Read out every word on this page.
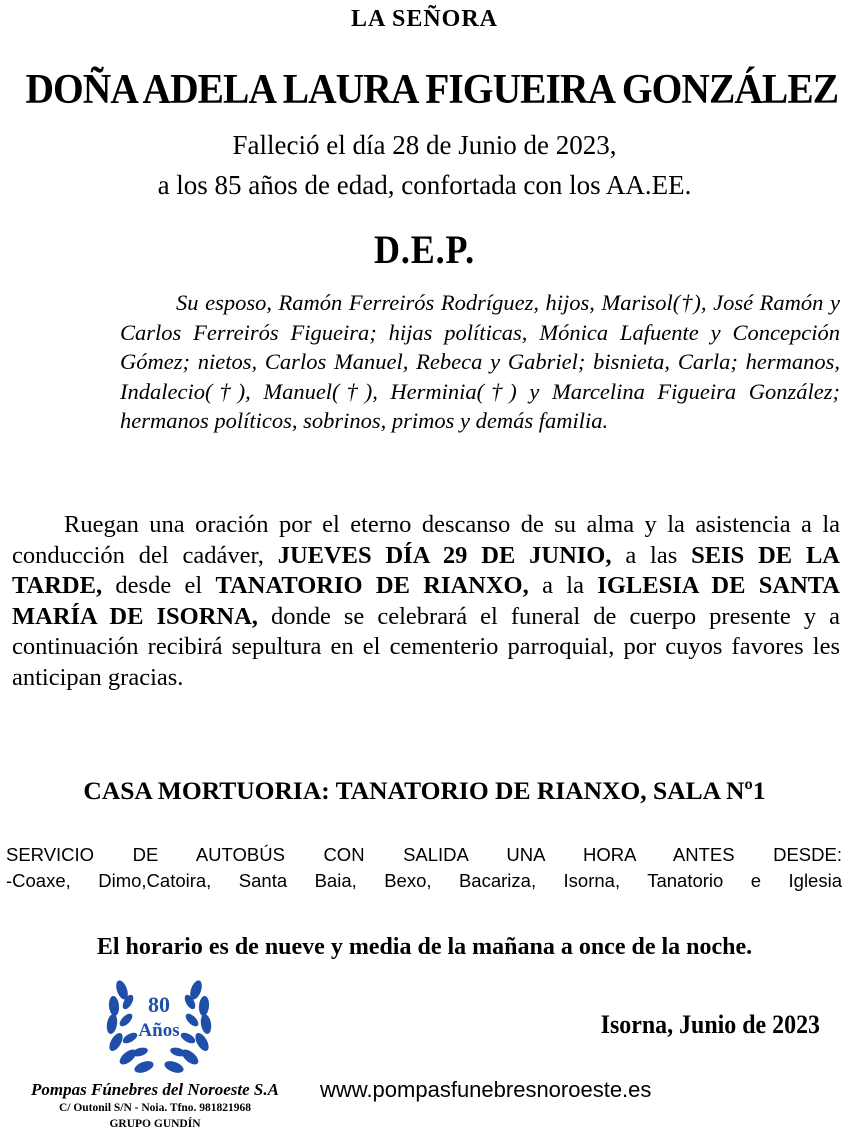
LA SEÑORA
DOÑA ADELA LAURA FIGUEIRA GONZÁLEZ
Falleció el día 28 de Junio de 2023,
a los 85 años de edad, confortada con los AA.EE.
D.E.P.
Su esposo, Ramón Ferreirós Rodríguez, hijos, Marisol(†), José Ramón y Carlos Ferreirós Figueira; hijas políticas, Mónica Lafuente y Concepción Gómez; nietos, Carlos Manuel, Rebeca y Gabriel; bisnieta, Carla; hermanos, Indalecio(†), Manuel(†), Herminia(†) y Marcelina Figueira González; hermanos políticos, sobrinos, primos y demás familia.
Ruegan una oración por el eterno descanso de su alma y la asistencia a la conducción del cadáver, JUEVES DÍA 29 DE JUNIO, a las SEIS DE LA TARDE, desde el TANATORIO DE RIANXO, a la IGLESIA DE SANTA MARÍA DE ISORNA, donde se celebrará el funeral de cuerpo presente y a continuación recibirá sepultura en el cementerio parroquial, por cuyos favores les anticipan gracias.
CASA MORTUORIA: TANATORIO DE RIANXO, SALA Nº1
SERVICIO DE AUTOBÚS CON SALIDA UNA HORA ANTES DESDE:
-Coaxe, Dimo,Catoira, Santa Baia, Bexo, Bacariza, Isorna, Tanatorio e Iglesia
El horario es de nueve y media de la mañana a once de la noche.
80
Años	Isorna, Junio de 2023
Pompas Fúnebres del Noroeste S.A
C/ Outonil S/N - Noia. Tfno. 981821968
GRUPO GUNDÍN
www.pompasfunebresnoroeste.es
